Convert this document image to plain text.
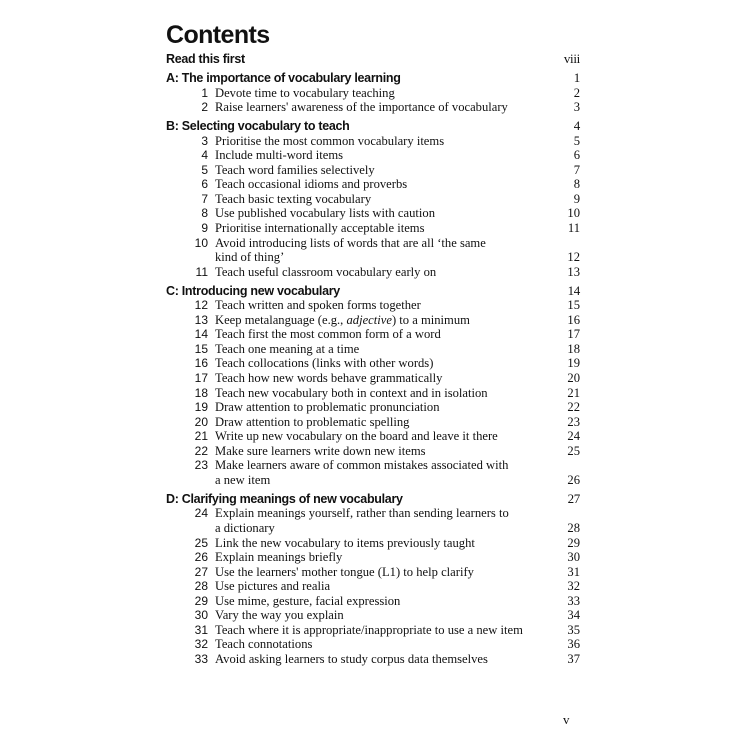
Contents
Read this first	viii
A: The importance of vocabulary learning	1
1 Devote time to vocabulary teaching	2
2 Raise learners' awareness of the importance of vocabulary	3
B: Selecting vocabulary to teach	4
3 Prioritise the most common vocabulary items	5
4 Include multi-word items	6
5 Teach word families selectively	7
6 Teach occasional idioms and proverbs	8
7 Teach basic texting vocabulary	9
8 Use published vocabulary lists with caution	10
9 Prioritise internationally acceptable items	11
10 Avoid introducing lists of words that are all ‘the same
kind of thing’	12
11 Teach useful classroom vocabulary early on	13
C: Introducing new vocabulary	14
12 Teach written and spoken forms together	15
13 Keep metalanguage (e.g., adjective) to a minimum	16
14 Teach first the most common form of a word	17
15 Teach one meaning at a time	18
16 Teach collocations (links with other words)	19
17 Teach how new words behave grammatically	20
18 Teach new vocabulary both in context and in isolation	21
19 Draw attention to problematic pronunciation	22
20 Draw attention to problematic spelling	23
21 Write up new vocabulary on the board and leave it there	24
22 Make sure learners write down new items	25
23 Make learners aware of common mistakes associated with
a new item	26
D: Clarifying meanings of new vocabulary	27
24 Explain meanings yourself, rather than sending learners to
a dictionary	28
25 Link the new vocabulary to items previously taught	29
26 Explain meanings briefly	30
27 Use the learners' mother tongue (L1) to help clarify	31
28 Use pictures and realia	32
29 Use mime, gesture, facial expression	33
30 Vary the way you explain	34
31 Teach where it is appropriate/inappropriate to use a new item	35
32 Teach connotations	36
33 Avoid asking learners to study corpus data themselves	37
v
